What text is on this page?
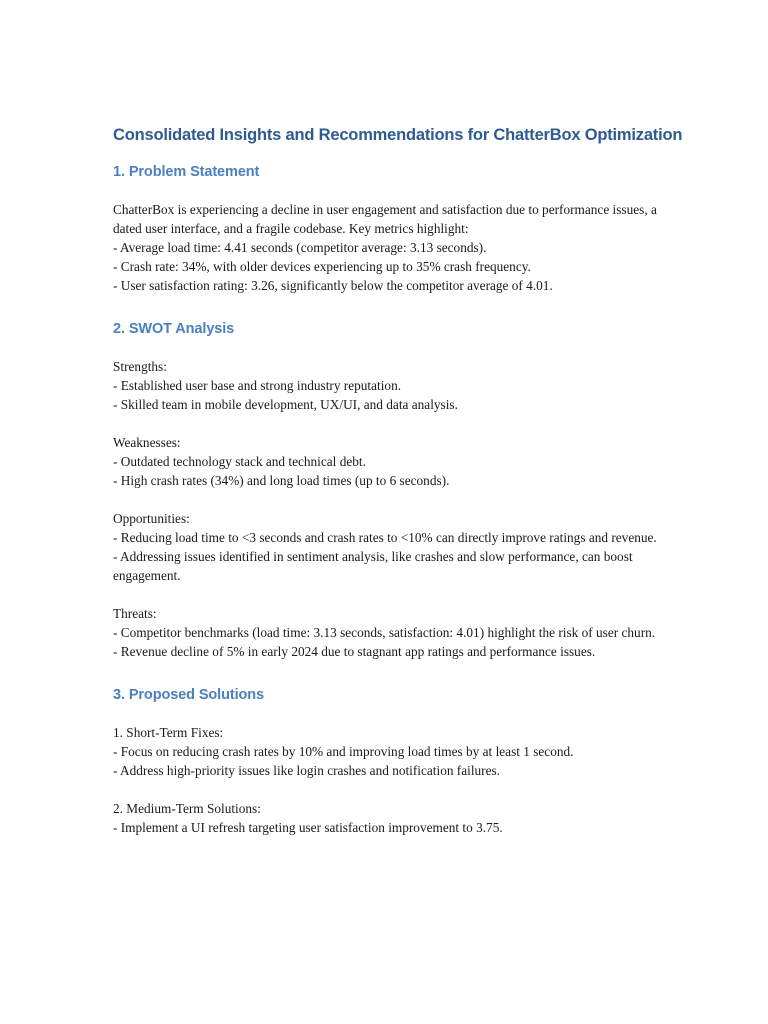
Consolidated Insights and Recommendations for ChatterBox Optimization
1. Problem Statement

ChatterBox is experiencing a decline in user engagement and satisfaction due to performance issues, a dated user interface, and a fragile codebase. Key metrics highlight:
- Average load time: 4.41 seconds (competitor average: 3.13 seconds).
- Crash rate: 34%, with older devices experiencing up to 35% crash frequency.
- User satisfaction rating: 3.26, significantly below the competitor average of 4.01.

2. SWOT Analysis

Strengths:
- Established user base and strong industry reputation.
- Skilled team in mobile development, UX/UI, and data analysis.

Weaknesses:
- Outdated technology stack and technical debt.
- High crash rates (34%) and long load times (up to 6 seconds).

Opportunities:
- Reducing load time to <3 seconds and crash rates to <10% can directly improve ratings and revenue.
- Addressing issues identified in sentiment analysis, like crashes and slow performance, can boost engagement.

Threats:
- Competitor benchmarks (load time: 3.13 seconds, satisfaction: 4.01) highlight the risk of user churn.
- Revenue decline of 5% in early 2024 due to stagnant app ratings and performance issues.

3. Proposed Solutions

1. Short-Term Fixes:
- Focus on reducing crash rates by 10% and improving load times by at least 1 second.
- Address high-priority issues like login crashes and notification failures.

2. Medium-Term Solutions:
- Implement a UI refresh targeting user satisfaction improvement to 3.75.
